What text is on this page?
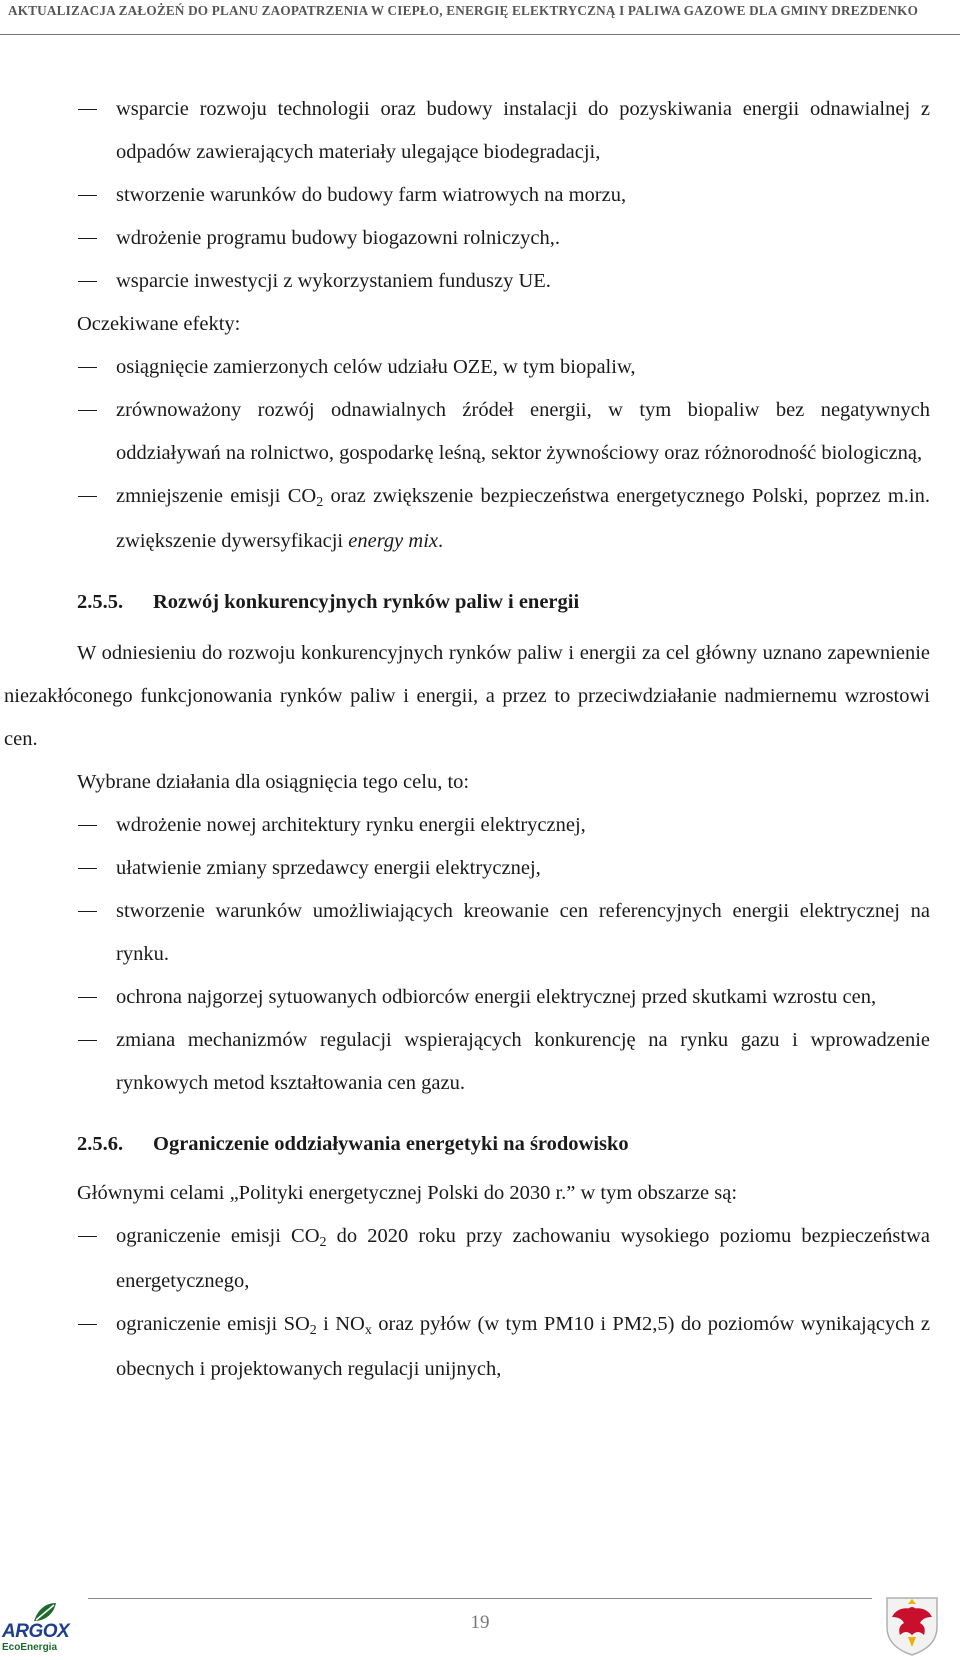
AKTUALIZACJA ZAŁOŻEŃ DO PLANU ZAOPATRZENIA W CIEPŁO, ENERGIĘ ELEKTRYCZNĄ I PALIWA GAZOWE DLA GMINY DREZDENKO

wsparcie rozwoju technologii oraz budowy instalacji do pozyskiwania energii odnawialnej z odpadów zawierających materiały ulegające biodegradacji,

stworzenie warunków do budowy farm wiatrowych na morzu,

wdrożenie programu budowy biogazowni rolniczych,.

wsparcie inwestycji z wykorzystaniem funduszy UE.

Oczekiwane efekty:

osiągnięcie zamierzonych celów udziału OZE, w tym biopaliw,

zrównoważony rozwój odnawialnych źródeł energii, w tym biopaliw bez negatywnych oddziaływań na rolnictwo, gospodarkę leśną, sektor żywnościowy oraz różnorodność biologiczną,

zmniejszenie emisji CO2 oraz zwiększenie bezpieczeństwa energetycznego Polski, poprzez m.in. zwiększenie dywersyfikacji energy mix.

2.5.5. Rozwój konkurencyjnych rynków paliw i energii

W odniesieniu do rozwoju konkurencyjnych rynków paliw i energii za cel główny uznano zapewnienie niezakłóconego funkcjonowania rynków paliw i energii, a przez to przeciwdziałanie nadmiernemu wzrostowi cen.

Wybrane działania dla osiągnięcia tego celu, to:

wdrożenie nowej architektury rynku energii elektrycznej,

ułatwienie zmiany sprzedawcy energii elektrycznej,

stworzenie warunków umożliwiających kreowanie cen referencyjnych energii elektrycznej na rynku.

ochrona najgorzej sytuowanych odbiorców energii elektrycznej przed skutkami wzrostu cen,

zmiana mechanizmów regulacji wspierających konkurencję na rynku gazu i wprowadzenie rynkowych metod kształtowania cen gazu.

2.5.6. Ograniczenie oddziaływania energetyki na środowisko

Głównymi celami „Polityki energetycznej Polski do 2030 r.” w tym obszarze są:

ograniczenie emisji CO2 do 2020 roku przy zachowaniu wysokiego poziomu bezpieczeństwa energetycznego,

ograniczenie emisji SO2 i NOx oraz pyłów (w tym PM10 i PM2,5) do poziomów wynikających z obecnych i projektowanych regulacji unijnych,

19
ARGOX
EcoEnergia
